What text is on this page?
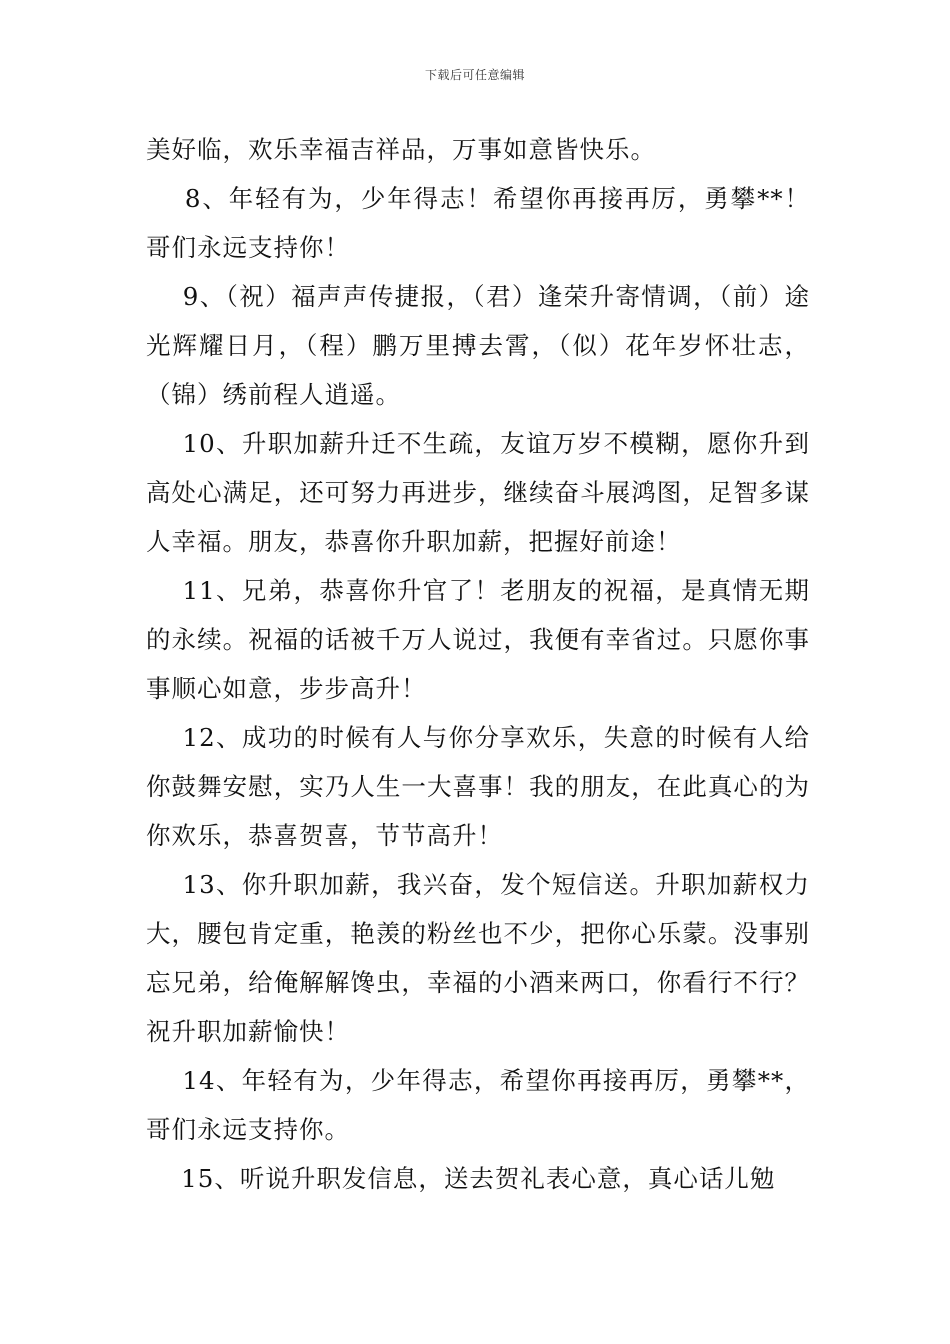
下载后可任意编辑

美好临，欢乐幸福吉祥品，万事如意皆快乐。

8、年轻有为，少年得志！希望你再接再厉，勇攀**！哥们永远支持你！

9、（祝）福声声传捷报，（君）逢荣升寄情调，（前）途光辉耀日月，（程）鹏万里搏去霄，（似）花年岁怀壮志，（锦）绣前程人逍遥。

10、升职加薪升迁不生疏，友谊万岁不模糊，愿你升到高处心满足，还可努力再进步，继续奋斗展鸿图，足智多谋人幸福。朋友，恭喜你升职加薪，把握好前途！

11、兄弟，恭喜你升官了！老朋友的祝福，是真情无期的永续。祝福的话被千万人说过，我便有幸省过。只愿你事事顺心如意，步步高升！

12、成功的时候有人与你分享欢乐，失意的时候有人给你鼓舞安慰，实乃人生一大喜事！我的朋友，在此真心的为你欢乐，恭喜贺喜，节节高升！

13、你升职加薪，我兴奋，发个短信送。升职加薪权力大，腰包肯定重，艳羡的粉丝也不少，把你心乐蒙。没事别忘兄弟，给俺解解馋虫，幸福的小酒来两口，你看行不行？祝升职加薪愉快！

14、年轻有为，少年得志，希望你再接再厉，勇攀**，哥们永远支持你。

15、听说升职发信息，送去贺礼表心意，真心话儿勉
